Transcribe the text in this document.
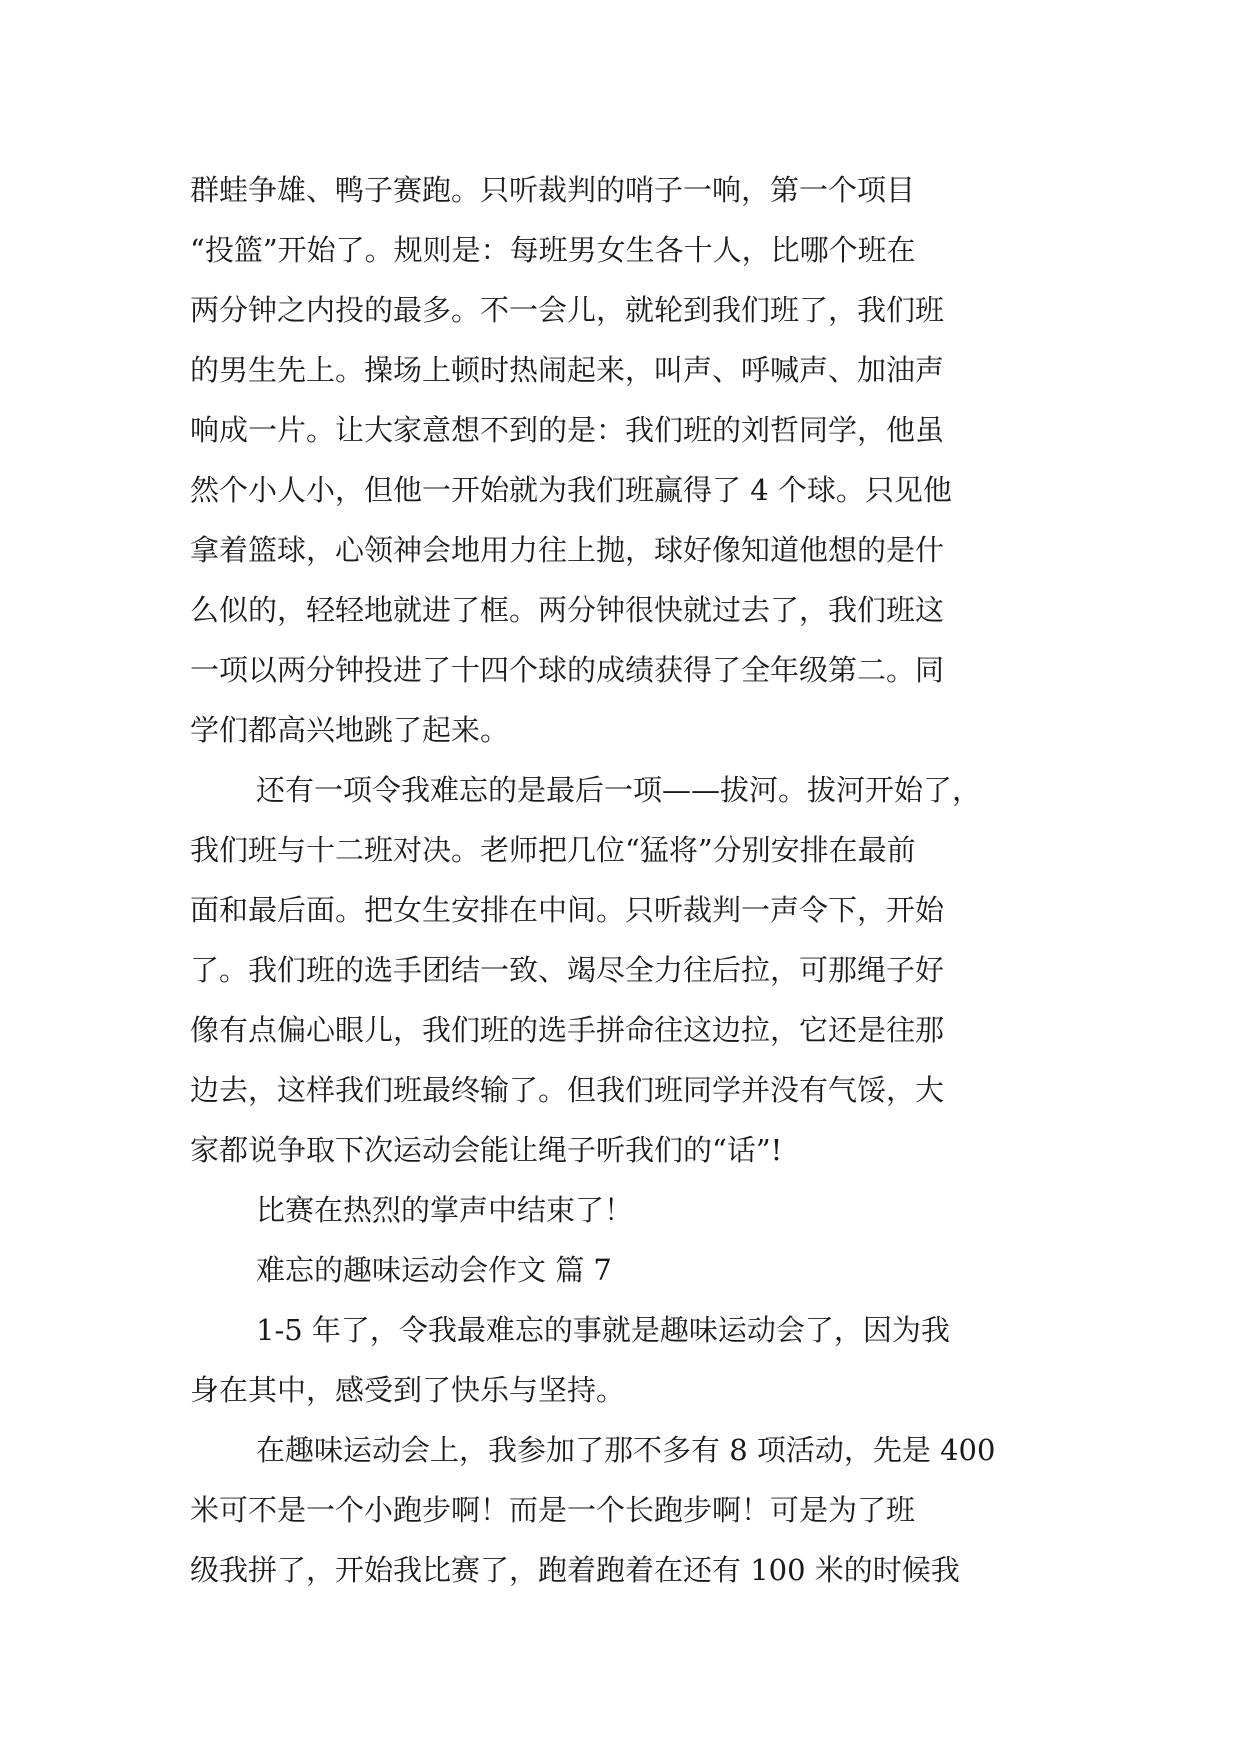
群蛙争雄、鸭子赛跑。只听裁判的哨子一响，第一个项目
“投篮”开始了。规则是：每班男女生各十人，比哪个班在
两分钟之内投的最多。不一会儿，就轮到我们班了，我们班
的男生先上。操场上顿时热闹起来，叫声、呼喊声、加油声
响成一片。让大家意想不到的是：我们班的刘哲同学，他虽
然个小人小，但他一开始就为我们班赢得了 4 个球。只见他
拿着篮球，心领神会地用力往上抛，球好像知道他想的是什
么似的，轻轻地就进了框。两分钟很快就过去了，我们班这
一项以两分钟投进了十四个球的成绩获得了全年级第二。同
学们都高兴地跳了起来。
还有一项令我难忘的是最后一项——拔河。拔河开始了，
我们班与十二班对决。老师把几位“猛将”分别安排在最前
面和最后面。把女生安排在中间。只听裁判一声令下，开始
了。我们班的选手团结一致、竭尽全力往后拉，可那绳子好
像有点偏心眼儿，我们班的选手拼命往这边拉，它还是往那
边去，这样我们班最终输了。但我们班同学并没有气馁，大
家都说争取下次运动会能让绳子听我们的“话”!
比赛在热烈的掌声中结束了！
难忘的趣味运动会作文 篇 7
1-5 年了，令我最难忘的事就是趣味运动会了，因为我
身在其中，感受到了快乐与坚持。
在趣味运动会上，我参加了那不多有 8 项活动，先是 400
米可不是一个小跑步啊！而是一个长跑步啊！可是为了班
级我拼了，开始我比赛了，跑着跑着在还有 100 米的时候我
